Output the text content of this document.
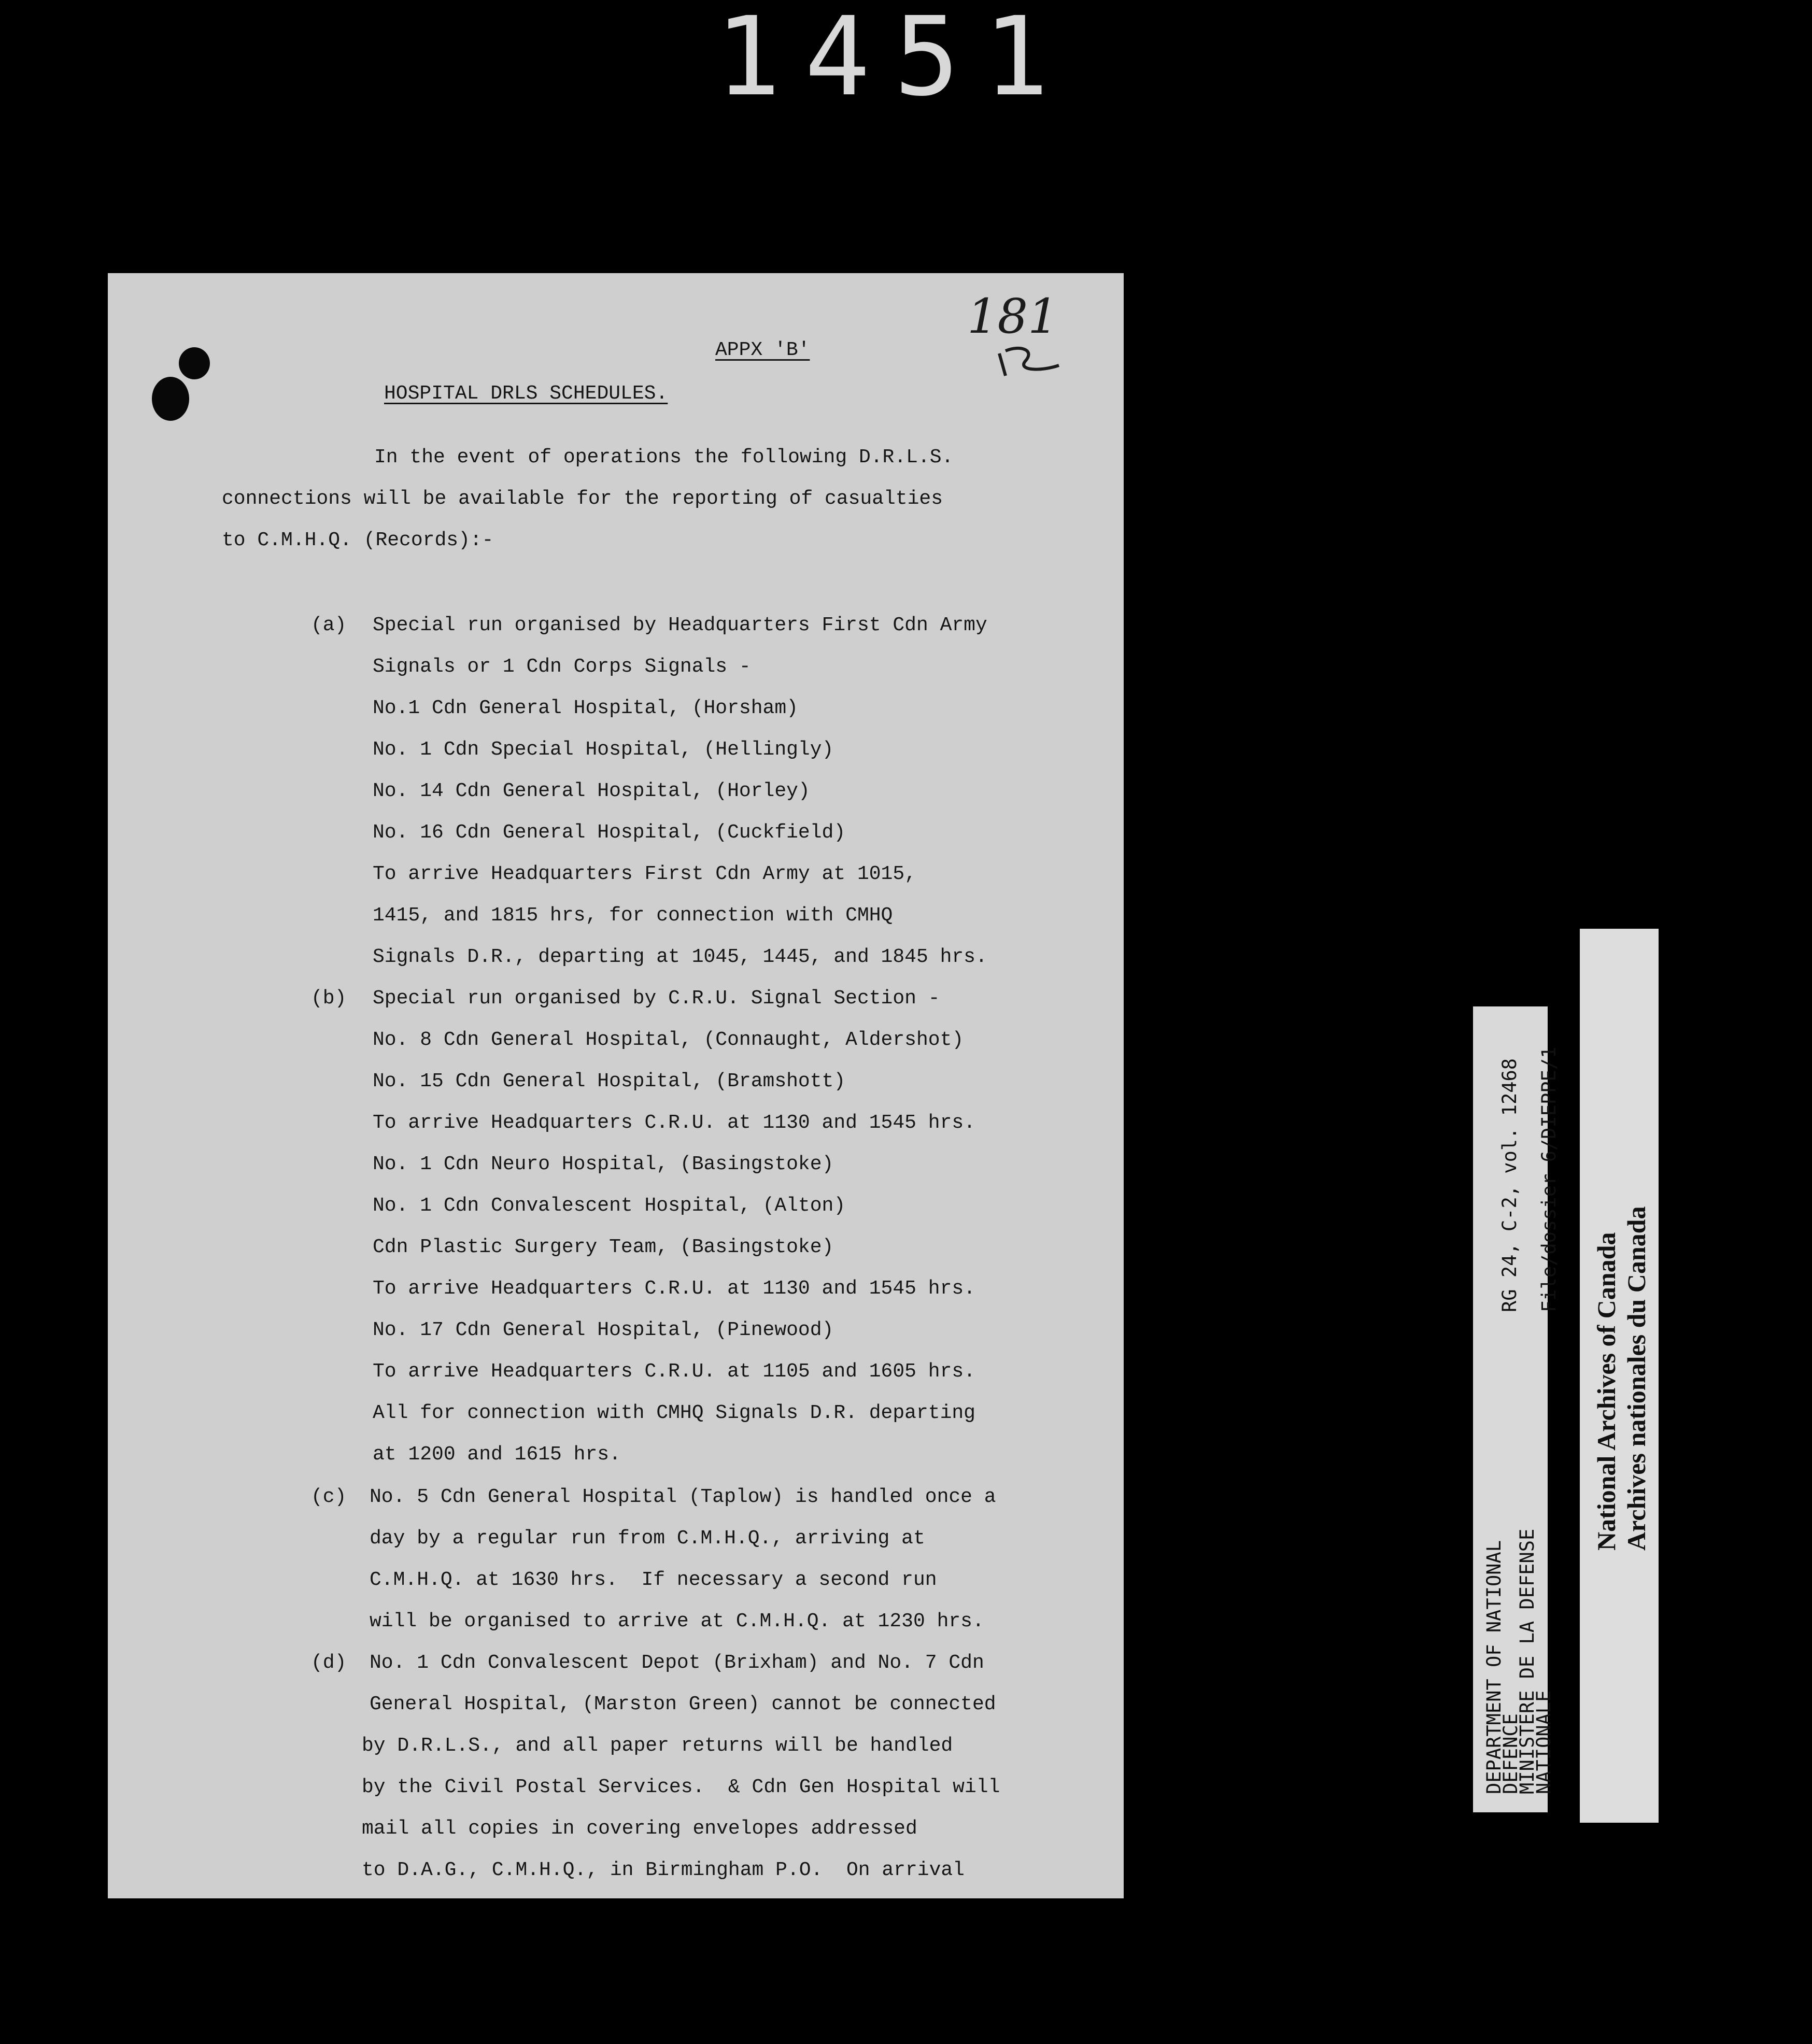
1451
181
APPX 'B'
HOSPITAL DRLS SCHEDULES.
In the event of operations the following D.R.L.S.
connections will be available for the reporting of casualties
to C.M.H.Q. (Records):-
(a) Special run organised by Headquarters First Cdn Army
Signals or 1 Cdn Corps Signals -
No.1 Cdn General Hospital, (Horsham)
No. 1 Cdn Special Hospital, (Hellingly)
No. 14 Cdn General Hospital, (Horley)
No. 16 Cdn General Hospital, (Cuckfield)
To arrive Headquarters First Cdn Army at 1015,
1415, and 1815 hrs, for connection with CMHQ
Signals D.R., departing at 1045, 1445, and 1845 hrs.
(b) Special run organised by C.R.U. Signal Section -
No. 8 Cdn General Hospital, (Connaught, Aldershot)
No. 15 Cdn General Hospital, (Bramshott)
To arrive Headquarters C.R.U. at 1130 and 1545 hrs.
No. 1 Cdn Neuro Hospital, (Basingstoke)
No. 1 Cdn Convalescent Hospital, (Alton)
Cdn Plastic Surgery Team, (Basingstoke)
To arrive Headquarters C.R.U. at 1130 and 1545 hrs.
No. 17 Cdn General Hospital, (Pinewood)
To arrive Headquarters C.R.U. at 1105 and 1605 hrs.
All for connection with CMHQ Signals D.R. departing
at 1200 and 1615 hrs.
(c) No. 5 Cdn General Hospital (Taplow) is handled once a
day by a regular run from C.M.H.Q., arriving at
C.M.H.Q. at 1630 hrs.  If necessary a second run
will be organised to arrive at C.M.H.Q. at 1230 hrs.
(d) No. 1 Cdn Convalescent Depot (Brixham) and No. 7 Cdn
General Hospital, (Marston Green) cannot be connected
by D.R.L.S., and all paper returns will be handled
by the Civil Postal Services.  & Cdn Gen Hospital will
mail all copies in covering envelopes addressed
to D.A.G., C.M.H.Q., in Birmingham P.O.  On arrival
RG 24, C-2, vol. 12468 File/dossier 6/DIEPPE/1
DEPARTMENT OF NATIONAL
DEFENCE
MINISTERE DE LA DEFENSE
NATIONALE
National Archives of Canada Archives nationales du Canada
